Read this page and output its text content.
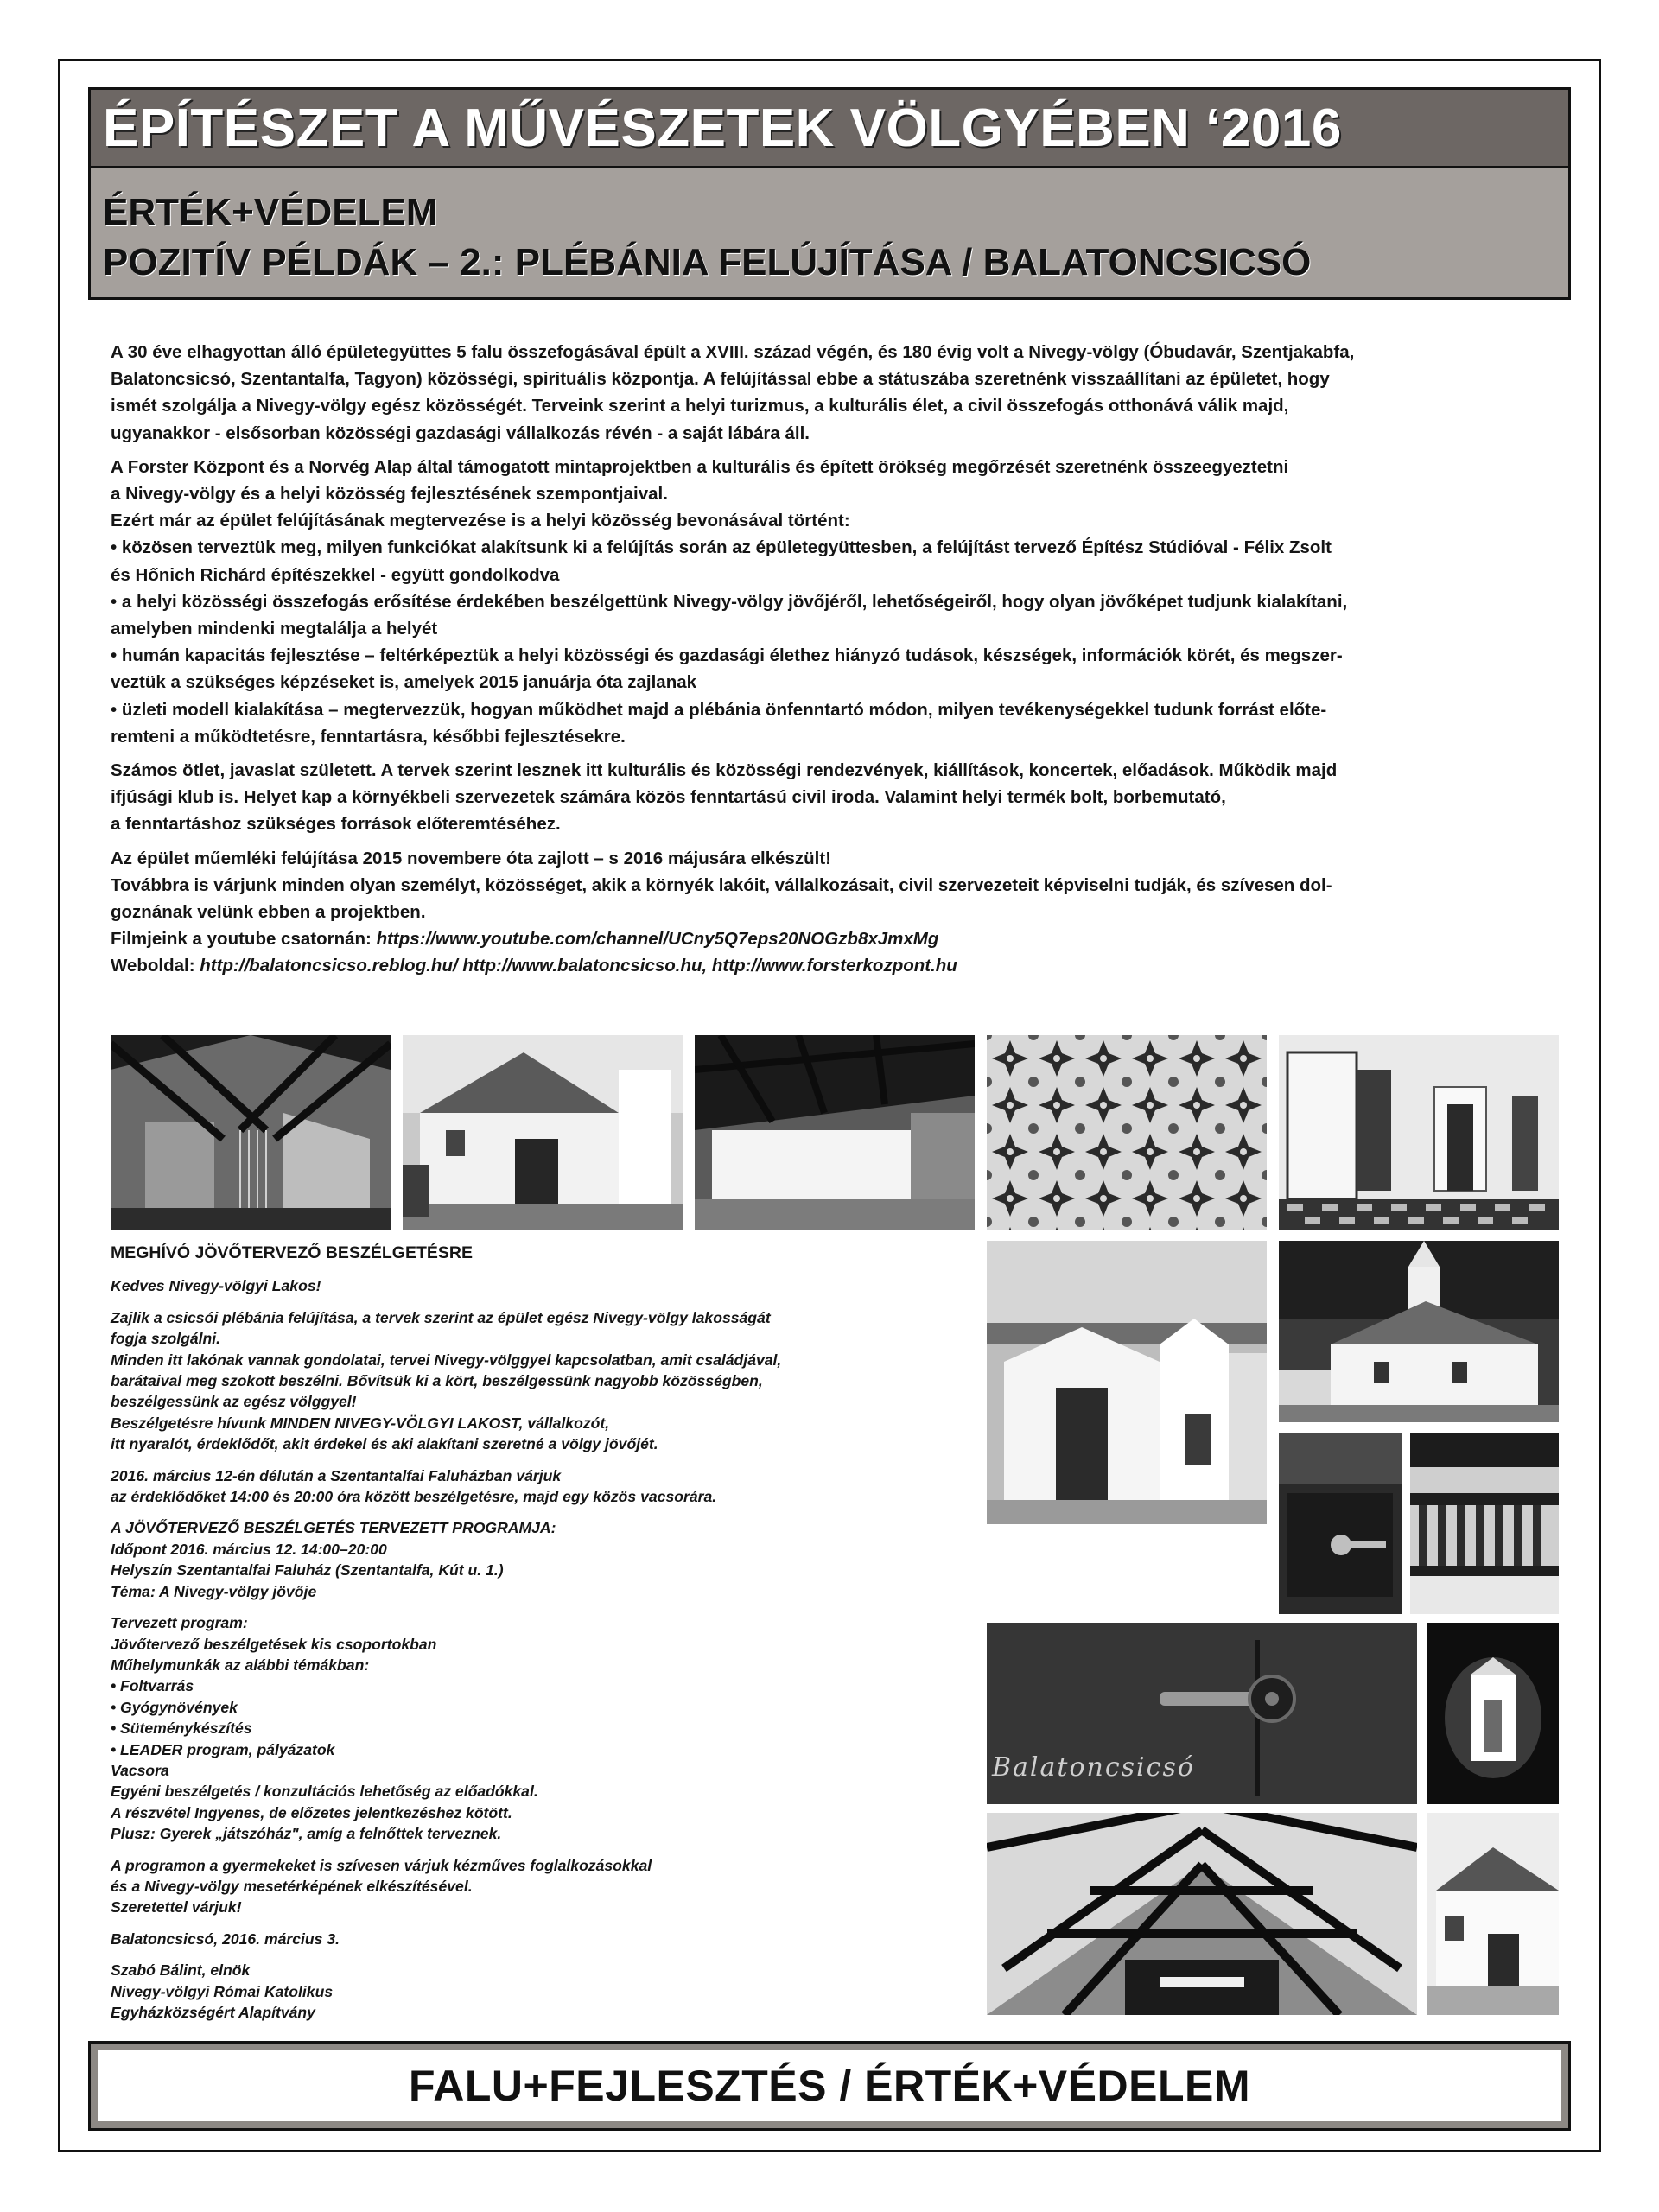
ÉPÍTÉSZET A MŰVÉSZETEK VÖLGYÉBEN ‘2016
ÉRTÉK+VÉDELEM
POZITÍV PÉLDÁK – 2.: PLÉBÁNIA FELÚJÍTÁSA / BALATONCSICSÓ

A 30 éve elhagyottan álló épületegyüttes 5 falu összefogásával épült a XVIII. század végén, és 180 évig volt a Nivegy-völgy (Óbudavár, Szentjakabfa,
Balatoncsicsó, Szentantalfa, Tagyon) közösségi, spirituális központja. A felújítással ebbe a státuszába szeretnénk visszaállítani az épületet, hogy
ismét szolgálja a Nivegy-völgy egész közösségét. Terveink szerint a helyi turizmus, a kulturális élet, a civil összefogás otthonává válik majd,
ugyanakkor - elsősorban közösségi gazdasági vállalkozás révén - a saját lábára áll.

A Forster Központ és a Norvég Alap által támogatott mintaprojektben a kulturális és épített örökség megőrzését szeretnénk összeegyeztetni
a Nivegy-völgy és a helyi közösség fejlesztésének szempontjaival.
Ezért már az épület felújításának megtervezése is a helyi közösség bevonásával történt:
• közösen terveztük meg, milyen funkciókat alakítsunk ki a felújítás során az épületegyüttesben, a felújítást tervező Építész Stúdióval - Félix Zsolt
és Hőnich Richárd építészekkel - együtt gondolkodva
• a helyi közösségi összefogás erősítése érdekében beszélgettünk Nivegy-völgy jövőjéről, lehetőségeiről, hogy olyan jövőképet tudjunk kialakítani,
amelyben mindenki megtalálja a helyét
• humán kapacitás fejlesztése – feltérképeztük a helyi közösségi és gazdasági élethez hiányzó tudások, készségek, információk körét, és megszer-
veztük a szükséges képzéseket is, amelyek 2015 januárja óta zajlanak
• üzleti modell kialakítása – megtervezzük, hogyan működhet majd a plébánia önfenntartó módon, milyen tevékenységekkel tudunk forrást előte-
remteni a működtetésre, fenntartásra, későbbi fejlesztésekre.

Számos ötlet, javaslat született. A tervek szerint lesznek itt kulturális és közösségi rendezvények, kiállítások, koncertek, előadások. Működik majd
ifjúsági klub is. Helyet kap a környékbeli szervezetek számára közös fenntartású civil iroda. Valamint helyi termék bolt, borbemutató,
a fenntartáshoz szükséges források előteremtéséhez.

Az épület műemléki felújítása 2015 novembere óta zajlott – s 2016 májusára elkészült!
Továbbra is várjunk minden olyan személyt, közösséget, akik a környék lakóit, vállalkozásait, civil szervezeteit képviselni tudják, és szívesen dol-
goznának velünk ebben a projektben.
Filmjeink a youtube csatornán: https://www.youtube.com/channel/UCny5Q7eps20NOGzb8xJmxMg
Weboldal: http://balatoncsicso.reblog.hu/ http://www.balatoncsicso.hu, http://www.forsterkozpont.hu

Balatoncsicsó
MEGHÍVÓ JÖVŐTERVEZŐ BESZÉLGETÉSRE
Kedves Nivegy-völgyi Lakos!
Zajlik a csicsói plébánia felújítása, a tervek szerint az épület egész Nivegy-völgy lakosságát
fogja szolgálni.
Minden itt lakónak vannak gondolatai, tervei Nivegy-völggyel kapcsolatban, amit családjával,
barátaival meg szokott beszélni. Bővítsük ki a kört, beszélgessünk nagyobb közösségben,
beszélgessünk az egész völggyel!
Beszélgetésre hívunk MINDEN NIVEGY-VÖLGYI LAKOST, vállalkozót,
itt nyaralót, érdeklődőt, akit érdekel és aki alakítani szeretné a völgy jövőjét.
2016. március 12-én délután a Szentantalfai Faluházban várjuk
az érdeklődőket 14:00 és 20:00 óra között beszélgetésre, majd egy közös vacsorára.
A JÖVŐTERVEZŐ BESZÉLGETÉS TERVEZETT PROGRAMJA:
Időpont 2016. március 12. 14:00–20:00
Helyszín Szentantalfai Faluház (Szentantalfa, Kút u. 1.)
Téma: A Nivegy-völgy jövője
Tervezett program:
Jövőtervező beszélgetések kis csoportokban
Műhelymunkák az alábbi témákban:
• Foltvarrás
• Gyógynövények
• Süteménykészítés
• LEADER program, pályázatok
Vacsora
Egyéni beszélgetés / konzultációs lehetőség az előadókkal.
A részvétel Ingyenes, de előzetes jelentkezéshez kötött.
Plusz: Gyerek „játszóház", amíg a felnőttek terveznek.
A programon a gyermekeket is szívesen várjuk kézműves foglalkozásokkal
és a Nivegy-völgy mesetérképének elkészítésével.
Szeretettel várjuk!
Balatoncsicsó, 2016. március 3.
Szabó Bálint, elnök
Nivegy-völgyi Római Katolikus
Egyházközségért Alapítvány
FALU+FEJLESZTÉS / ÉRTÉK+VÉDELEM
